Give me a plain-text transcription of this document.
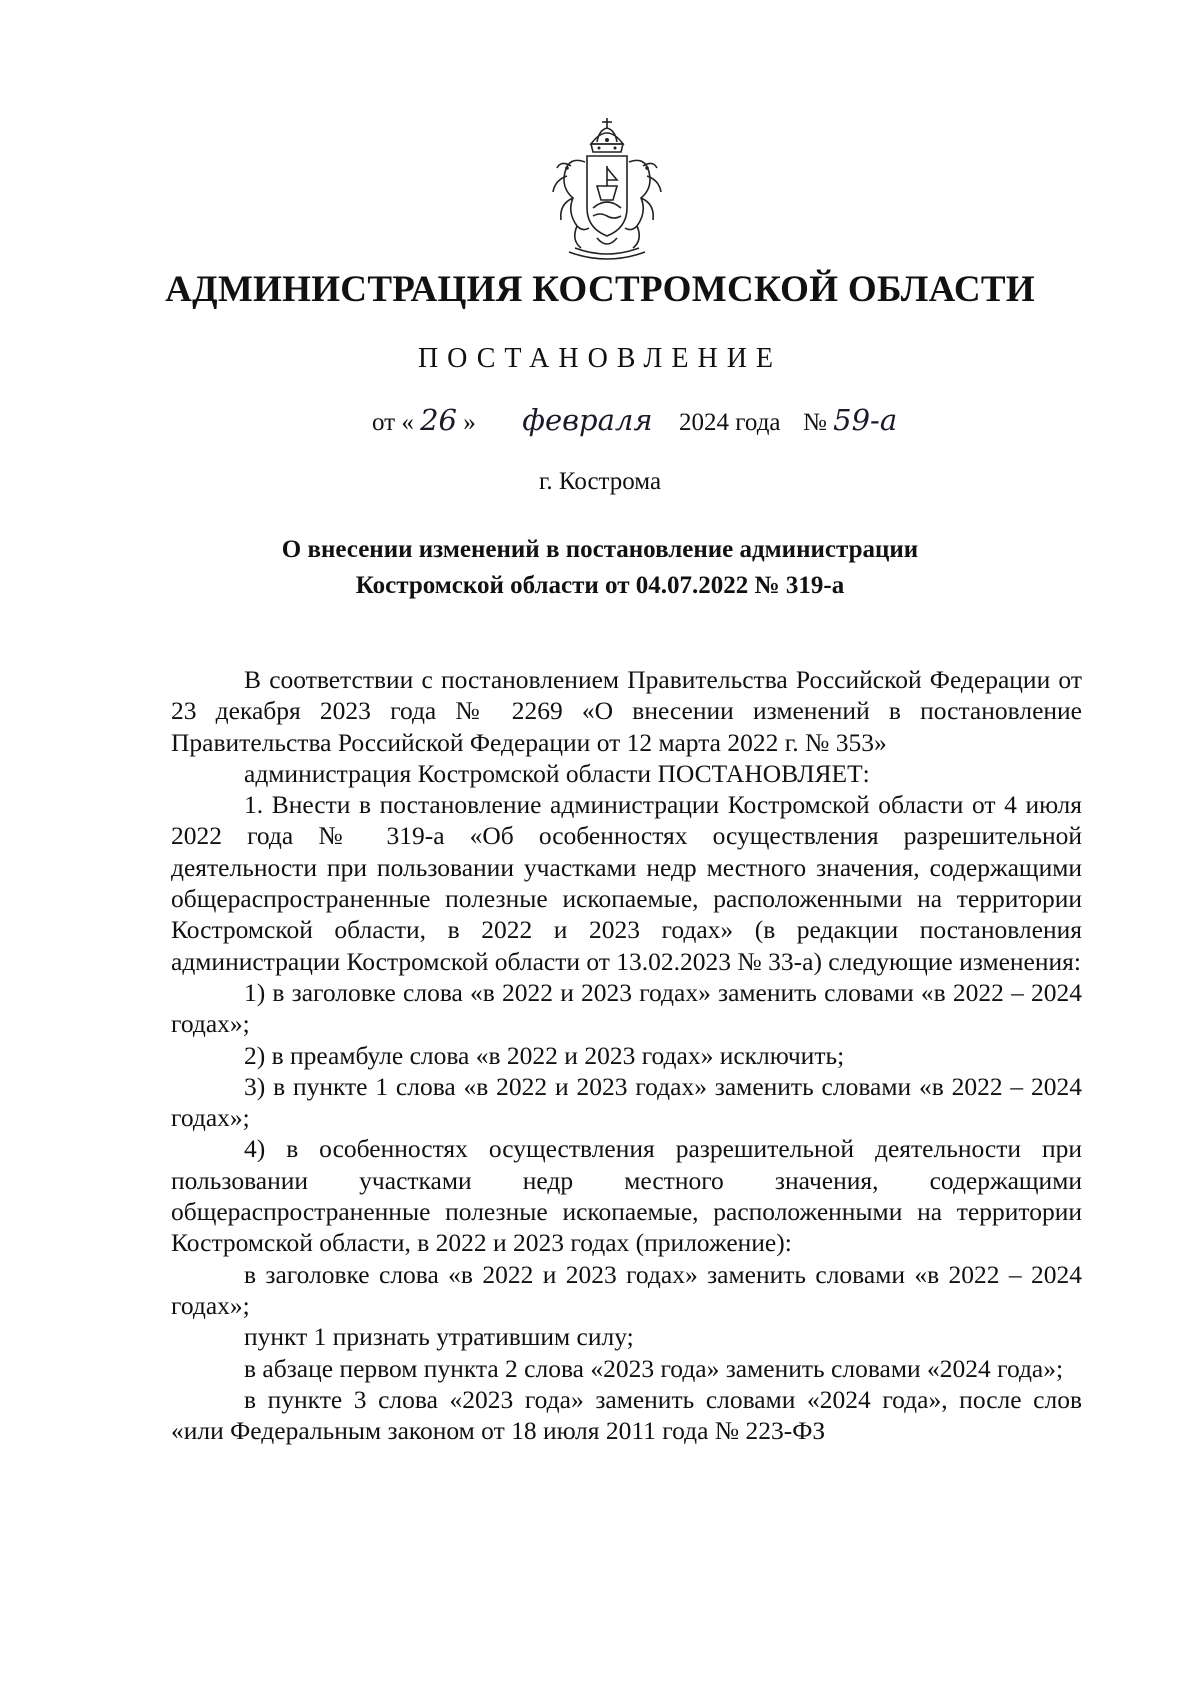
АДМИНИСТРАЦИЯ КОСТРОМСКОЙ ОБЛАСТИ
ПОСТАНОВЛЕНИЕ
от « 26 » февраля 2024 года № 59-а
г. Кострома
О внесении изменений в постановление администрации
Костромской области от 04.07.2022 № 319-а

В соответствии с постановлением Правительства Российской Федерации от 23 декабря 2023 года № 2269 «О внесении изменений в постановление Правительства Российской Федерации от 12 марта 2022 г. № 353»

администрация Костромской области ПОСТАНОВЛЯЕТ:

1. Внести в постановление администрации Костромской области от 4 июля 2022 года № 319-а «Об особенностях осуществления разрешительной деятельности при пользовании участками недр местного значения, содержащими общераспространенные полезные ископаемые, расположенными на территории Костромской области, в 2022 и 2023 годах» (в редакции постановления администрации Костромской области от 13.02.2023 № 33-а) следующие изменения:

1) в заголовке слова «в 2022 и 2023 годах» заменить словами «в 2022 – 2024 годах»;

2) в преамбуле слова «в 2022 и 2023 годах» исключить;

3) в пункте 1 слова «в 2022 и 2023 годах» заменить словами «в 2022 – 2024 годах»;

4) в особенностях осуществления разрешительной деятельности при пользовании участками недр местного значения, содержащими общераспространенные полезные ископаемые, расположенными на территории Костромской области, в 2022 и 2023 годах (приложение):

в заголовке слова «в 2022 и 2023 годах» заменить словами «в 2022 – 2024 годах»;

пункт 1 признать утратившим силу;

в абзаце первом пункта 2 слова «2023 года» заменить словами «2024 года»;

в пункте 3 слова «2023 года» заменить словами «2024 года», после слов «или Федеральным законом от 18 июля 2011 года № 223-ФЗ
